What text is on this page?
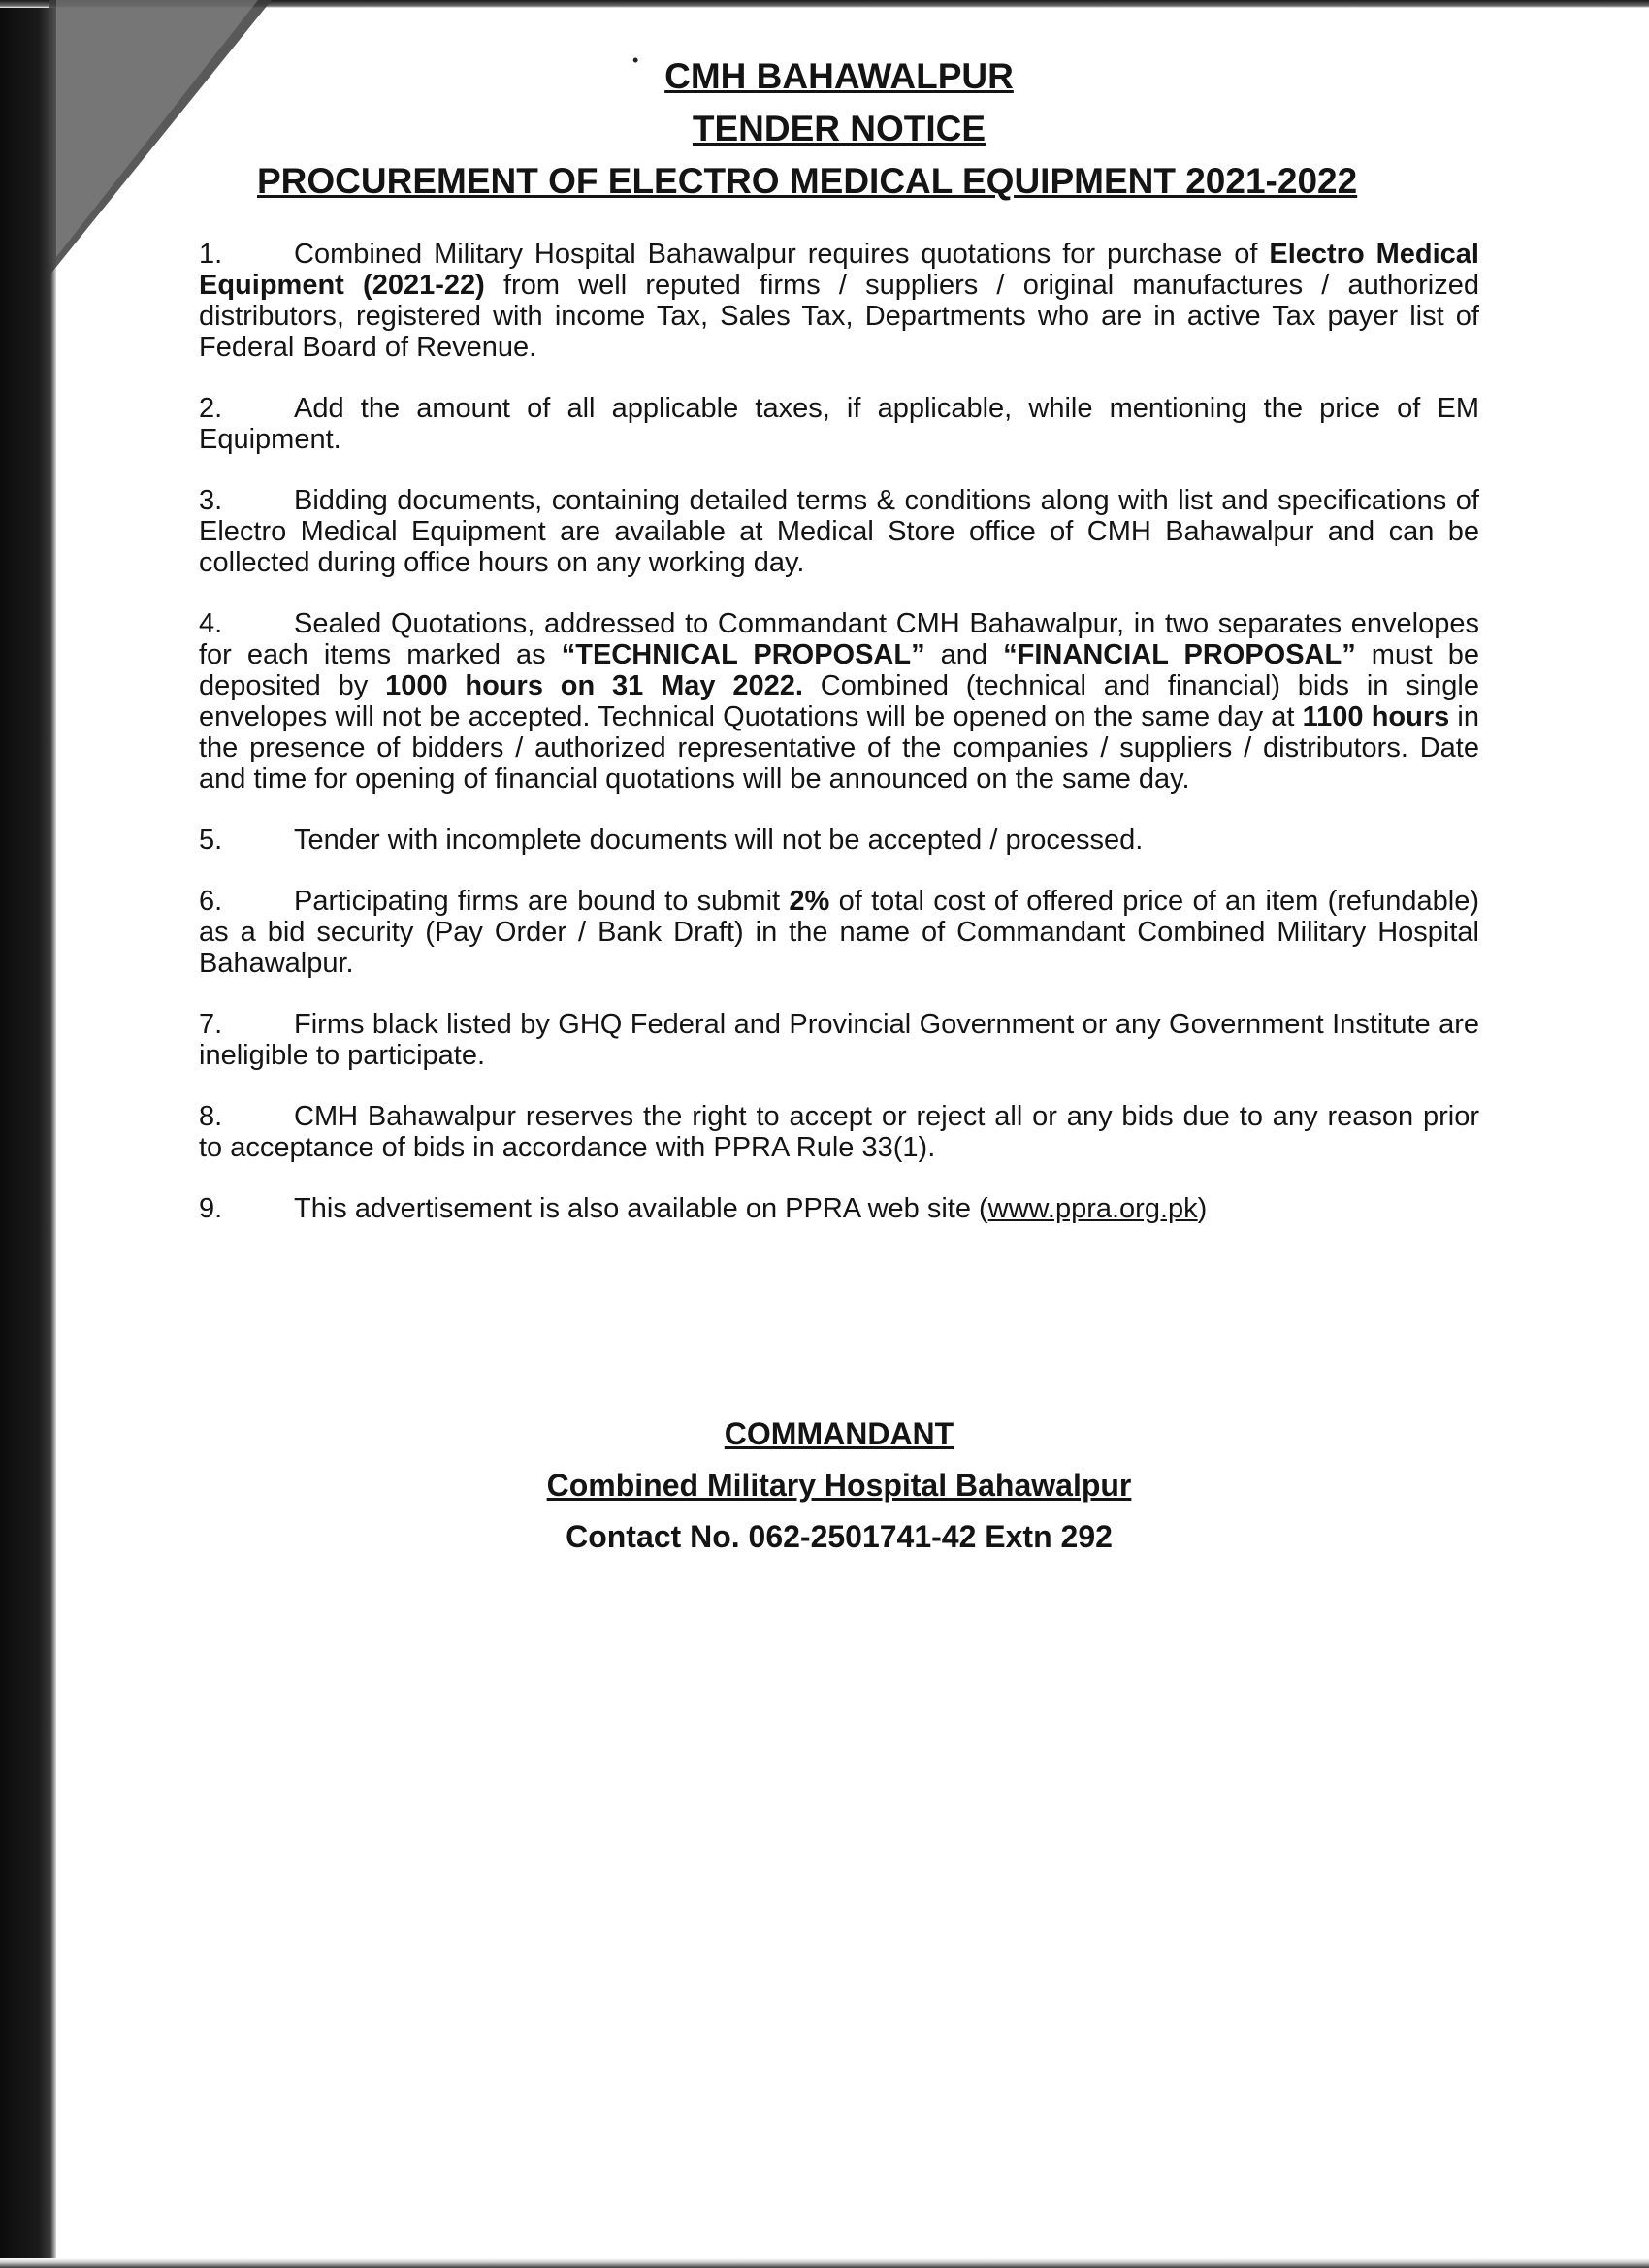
• CMH BAHAWALPUR

TENDER NOTICE

PROCUREMENT OF ELECTRO MEDICAL EQUIPMENT 2021-2022

1.	Combined Military Hospital Bahawalpur requires quotations for purchase of Electro Medical Equipment (2021-22) from well reputed firms / suppliers / original manufactures / authorized distributors, registered with income Tax, Sales Tax, Departments who are in active Tax payer list of Federal Board of Revenue.

2.	Add the amount of all applicable taxes, if applicable, while mentioning the price of EM Equipment.

3.	Bidding documents, containing detailed terms & conditions along with list and specifications of Electro Medical Equipment are available at Medical Store office of CMH Bahawalpur and can be collected during office hours on any working day.

4.	Sealed Quotations, addressed to Commandant CMH Bahawalpur, in two separates envelopes for each items marked as “TECHNICAL PROPOSAL” and “FINANCIAL PROPOSAL” must be deposited by 1000 hours on 31 May 2022. Combined (technical and financial) bids in single envelopes will not be accepted. Technical Quotations will be opened on the same day at 1100 hours in the presence of bidders / authorized representative of the companies / suppliers / distributors. Date and time for opening of financial quotations will be announced on the same day.

5.	Tender with incomplete documents will not be accepted / processed.

6.	Participating firms are bound to submit 2% of total cost of offered price of an item (refundable) as a bid security (Pay Order / Bank Draft) in the name of Commandant Combined Military Hospital Bahawalpur.

7.	Firms black listed by GHQ Federal and Provincial Government or any Government Institute are ineligible to participate.

8.	CMH Bahawalpur reserves the right to accept or reject all or any bids due to any reason prior to acceptance of bids in accordance with PPRA Rule 33(1).

9.	This advertisement is also available on PPRA web site (www.ppra.org.pk)

COMMANDANT

Combined Military Hospital Bahawalpur

Contact No. 062-2501741-42 Extn 292
